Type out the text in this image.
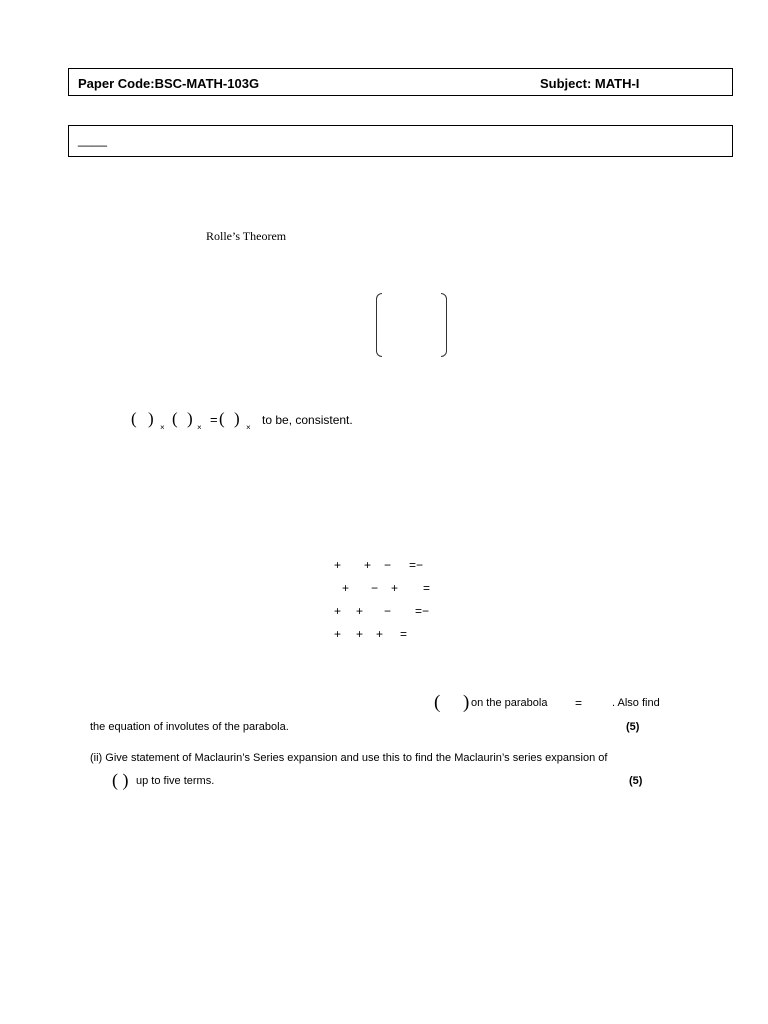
Paper Code:BSC-MATH-103G	Subject: MATH-I
____
Rolle’s Theorem
( ) × ( ) ×
= ( ) ×
to be, consistent.
+ + − =−
+ − + =
+ + − =−
+ + + =
( ) on the parabola =	. Also find
the equation of involutes of the parabola.	(5)
(ii) Give statement of Maclaurin’s Series expansion and use this to find the Maclaurin’s series expansion of
( ) up to five terms.	(5)
